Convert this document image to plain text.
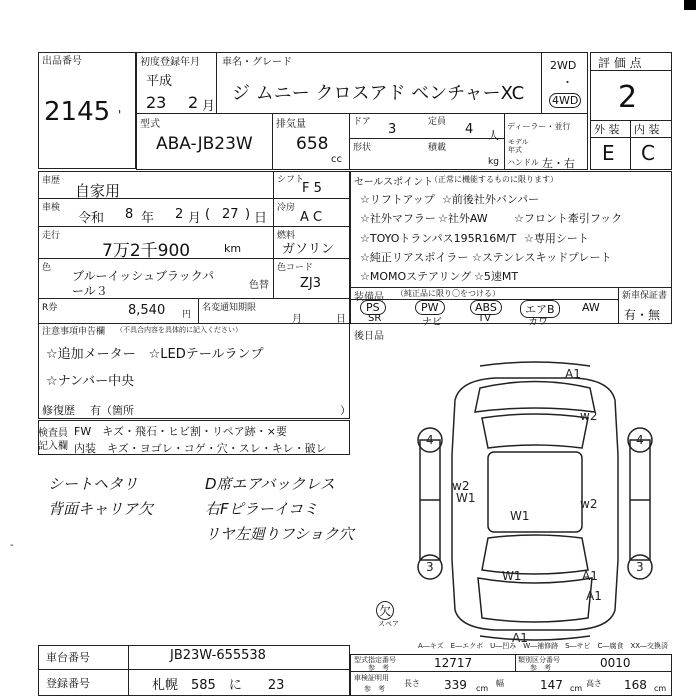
出品番号
2145 '
初度登録年月 車名・グレード
平成
23 2 月
ジ ムニー クロスアド ベンチャーXC
2WD
・
4WD
型式
ABA-JB23W
排気量
658
cc
ドア 3	定員 4 人
形状	積載
kg
ディーラー・並行
モデル
年式
ハンドル 左・右
評 価 点
2
外 装 内 装
E C
車歴
自家用
車検
令和 8 年 2 月 ( 27 ) 日
走行
7万2千900	km
シフト
F 5
冷房
A C
燃料
ガソリン
色
ブルーイッシュブラックパ
ール３	色替
色コード
ZJ3
R券	8,540 円
名変通知期限
月	日
注意事項申告欄 （不具合内容を具体的に記入ください）
☆追加メーター　☆LEDテールランプ
☆ナンバー中央
修復歴 有（箇所	）
セールスポイント
（正常に機能するものに限ります）
☆リフトアップ ☆前後社外バンパー
☆社外マフラー ☆社外AW ☆フロント牽引フック
☆TOYOトランパス195R16M/T ☆専用シート
☆純正リアスポイラー ☆ステンレスキッドプレート
☆MOMOステアリング ☆5速MT
装備品 （純正品に限り〇をつける）	新車保証書
有・無
PS	PW	ABS	エアB	AW
SR	ナビ	TV	カワ
後日品
検査員
記入欄
FW　キズ・飛石・ヒビ割・リペア跡・×要
内装　キズ・ヨゴレ・コゲ・穴・スレ・キレ・破レ
シートヘタリ
背面キャリア欠
D席エアバックレス
右Fピラーイコミ
リヤ左廻りフショク穴
-
A1
4	4
w2
w2
w2
W1
W1
W1
3	3
A1
A1
A1
欠
スペア
A―キズ　E―エクボ　U―凹み　W―補修跡　S―サビ　C―腐食　XX―交換済
車台番号	JB23W-655538
登録番号	札幌　585　に　　23
型式指定番号
参　考	12717	類別区分番号
参　考	0010
車検証明用
参　考
長さ 339 cm
幅	147 cm
高さ 168 cm
